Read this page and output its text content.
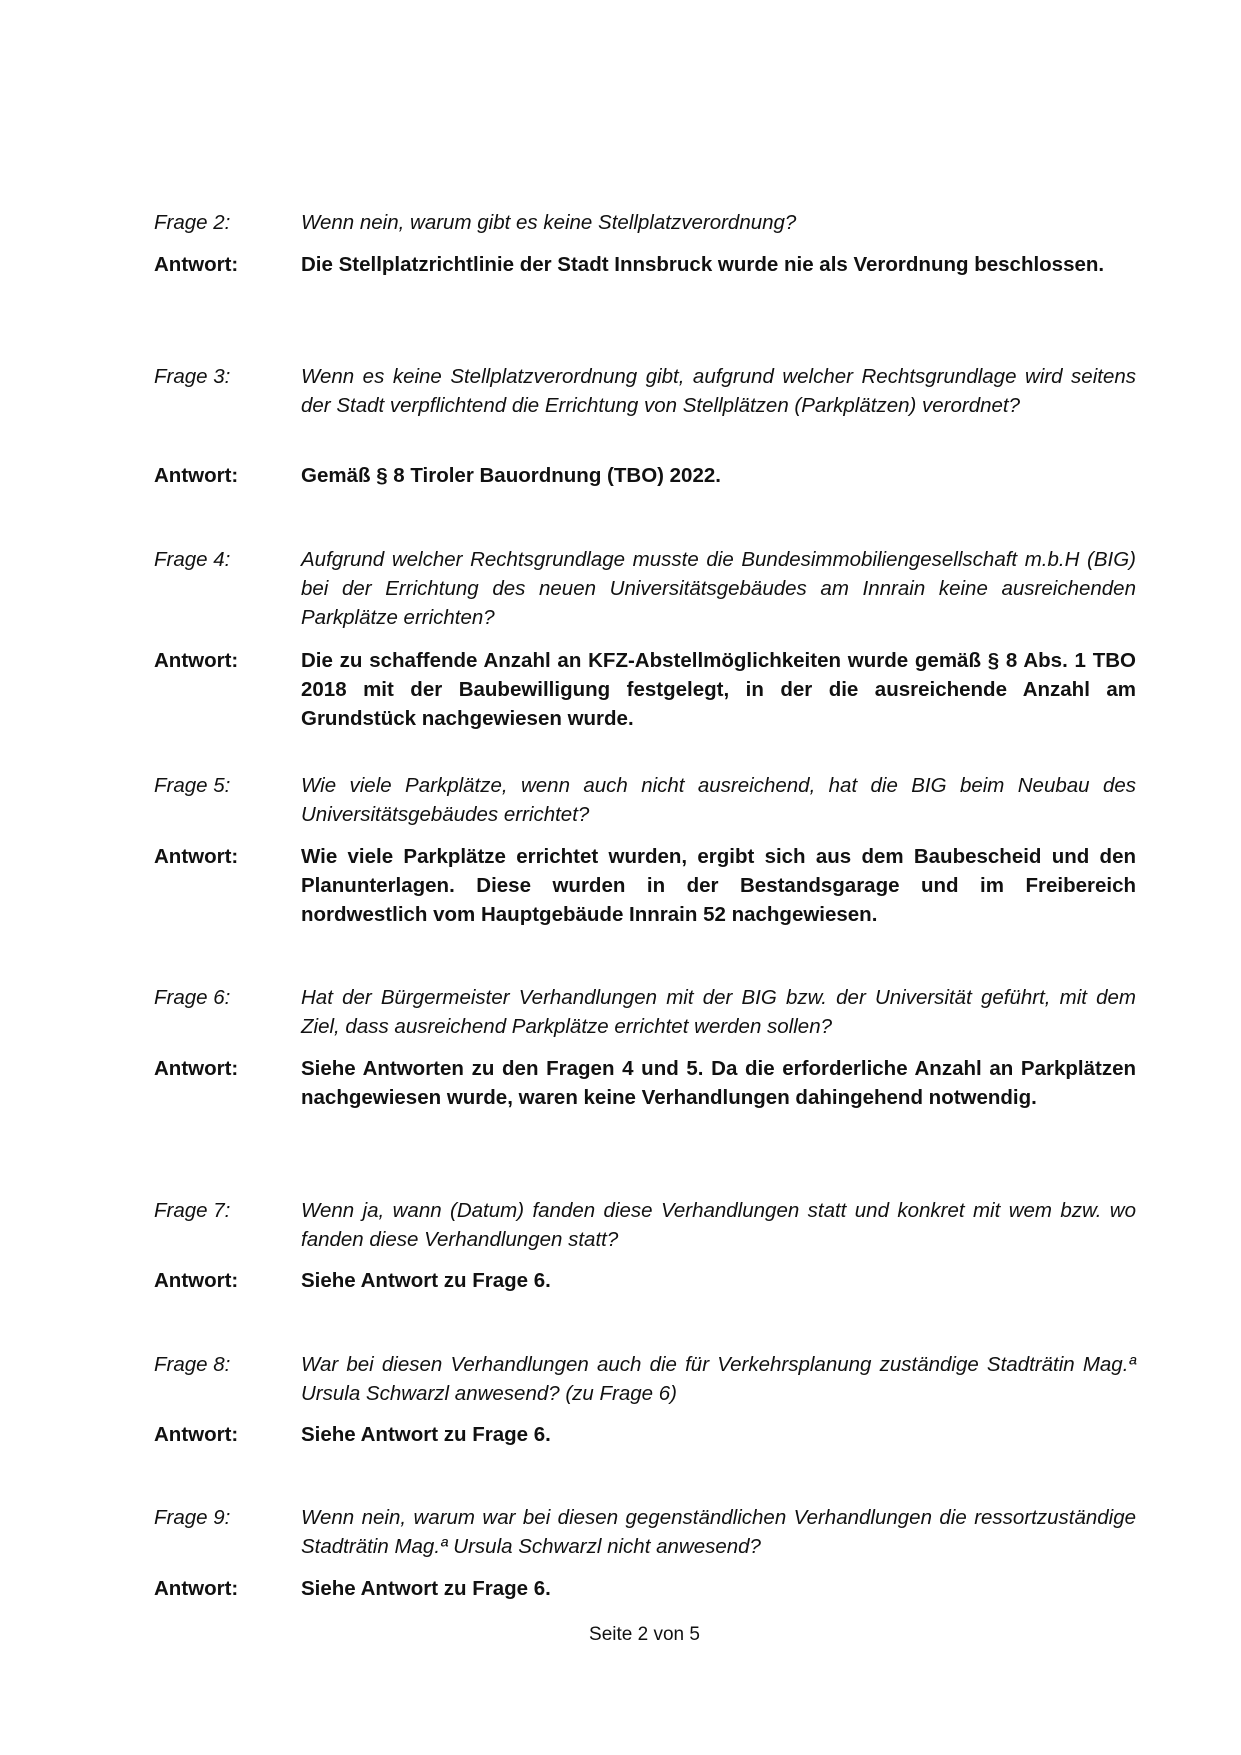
Frage 2:	Wenn nein, warum gibt es keine Stellplatzverordnung?
Antwort:	Die Stellplatzrichtlinie der Stadt Innsbruck wurde nie als Verordnung beschlossen.
Frage 3:	Wenn es keine Stellplatzverordnung gibt, aufgrund welcher Rechtsgrundlage wird seitens der Stadt verpflichtend die Errichtung von Stellplätzen (Parkplätzen) verordnet?
Antwort:	Gemäß § 8 Tiroler Bauordnung (TBO) 2022.
Frage 4:	Aufgrund welcher Rechtsgrundlage musste die Bundesimmobiliengesellschaft m.b.H (BIG) bei der Errichtung des neuen Universitätsgebäudes am Innrain keine ausreichenden Parkplätze errichten?
Antwort:	Die zu schaffende Anzahl an KFZ-Abstellmöglichkeiten wurde gemäß § 8 Abs. 1 TBO 2018 mit der Baubewilligung festgelegt, in der die ausreichende Anzahl am Grundstück nachgewiesen wurde.
Frage 5:	Wie viele Parkplätze, wenn auch nicht ausreichend, hat die BIG beim Neubau des Universitätsgebäudes errichtet?
Antwort:	Wie viele Parkplätze errichtet wurden, ergibt sich aus dem Baubescheid und den Planunterlagen. Diese wurden in der Bestandsgarage und im Freibereich nordwestlich vom Hauptgebäude Innrain 52 nachgewiesen.
Frage 6:	Hat der Bürgermeister Verhandlungen mit der BIG bzw. der Universität geführt, mit dem Ziel, dass ausreichend Parkplätze errichtet werden sollen?
Antwort:	Siehe Antworten zu den Fragen 4 und 5. Da die erforderliche Anzahl an Parkplätzen nachgewiesen wurde, waren keine Verhandlungen dahingehend notwendig.
Frage 7:	Wenn ja, wann (Datum) fanden diese Verhandlungen statt und konkret mit wem bzw. wo fanden diese Verhandlungen statt?
Antwort:	Siehe Antwort zu Frage 6.
Frage 8:	War bei diesen Verhandlungen auch die für Verkehrsplanung zuständige Stadträtin Mag.ª Ursula Schwarzl anwesend? (zu Frage 6)
Antwort:	Siehe Antwort zu Frage 6.
Frage 9:	Wenn nein, warum war bei diesen gegenständlichen Verhandlungen die ressortzuständige Stadträtin Mag.ª Ursula Schwarzl nicht anwesend?
Antwort:	Siehe Antwort zu Frage 6.
Seite 2 von 5
